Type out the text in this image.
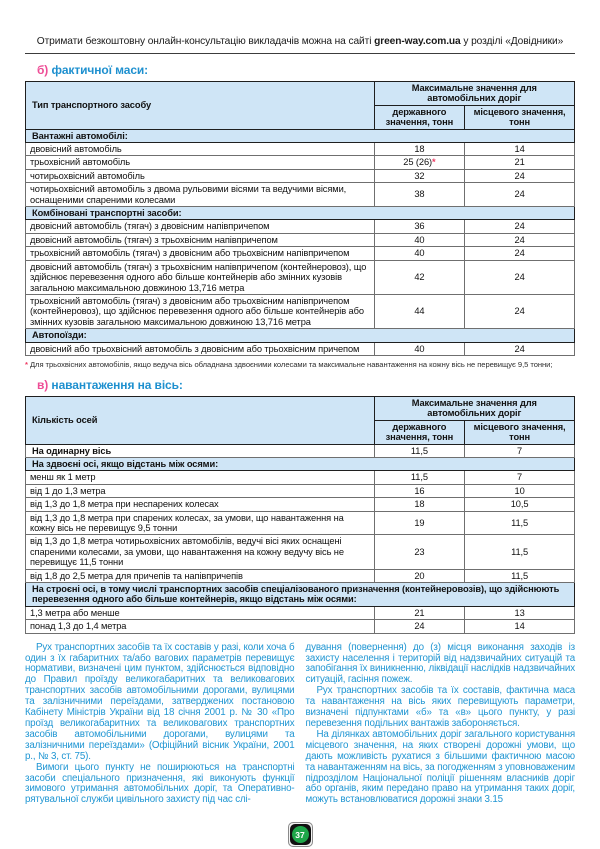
Отримати безкоштовну онлайн-консультацію викладачів можна на сайті green-way.com.ua у розділі «Довідники»
б) фактичної маси:
Тип транспортного засобу	Максимальне значення для автомобільних доріг	
	державного значення, тонн	місцевого значення, тонн
Вантажні автомобілі:		
двовісний автомобіль	18	14
трьохвісний автомобіль	25 (26)*	21
чотирьохвісний автомобіль	32	24
чотирьохвісний автомобіль з двома рульовими вісями та ведучими вісями, оснащеними спареними колесами	38	24
Комбіновані транспортні засоби:		
двовісний автомобіль (тягач) з двовісним напівпричепом	36	24
двовісний автомобіль (тягач) з трьохвісним напівпричепом	40	24
трьохвісний автомобіль (тягач) з двовісним або трьохвісним напівпричепом	40	24
двовісний автомобіль (тягач) з трьохвісним напівпричепом (контейнеровоз), що здійснює перевезення одного або більше контейнерів або змінних кузовів загальною максимальною довжиною 13,716 метра	42	24
трьохвісний автомобіль (тягач) з двовісним або трьохвісним напівпричепом (контейнеровоз), що здійснює перевезення одного або більше контейнерів або змінних кузовів загальною максимальною довжиною 13,716 метра	44	24
Автопоїзди:		
двовісний або трьохвісний автомобіль з двовісним або трьохвісним причепом	40	24
* Для трьохвісних автомобілів, якщо ведуча вісь обладнана здвоєними колесами та максимальне навантаження на кожну вісь не перевищує 9,5 тонни;
в) навантаження на вісь:
Кількість осей	Максимальне значення для автомобільних доріг	
	державного значення, тонн	місцевого значення, тонн
На одинарну вісь	11,5	7
На здвоєні осі, якщо відстань між осями:		
менш як 1 метр	11,5	7
від 1 до 1,3 метра	16	10
від 1,3 до 1,8 метра при неспарених колесах	18	10,5
від 1,3 до 1,8 метра при спарених колесах, за умови, що навантаження на кожну вісь не перевищує 9,5 тонни	19	11,5
від 1,3 до 1,8 метра чотирьохвісних автомобілів, ведучі вісі яких оснащені спареними колесами, за умови, що навантаження на кожну ведучу вісь не перевищує 11,5 тонни	23	11,5
від 1,8 до 2,5 метра для причепів та напівпричепів	20	11,5
На строєні осі, в тому числі транспортних засобів спеціалізованого призначення (контейнеровозів), що здійснюють перевезення одного або більше контейнерів, якщо відстань між осями:		
1,3 метра або менше	21	13
понад 1,3 до 1,4 метра	24	14

Рух транспортних засобів та їх составів у разі, коли хоча б один з їх габаритних та/або вагових параметрів перевищує нормативи, визначені цим пунктом, здійснюється відповідно до Правил проїзду великогабаритних та великовагових транспортних засобів автомобільними дорогами, вулицями та залізничними переїздами, затверджених постановою Кабінету Міністрів України від 18 січня 2001 р. № 30 «Про проїзд великогабаритних та великовагових транспортних засобів автомобільними дорогами, вулицями та залізничними переїздами» (Офіційний вісник України, 2001 р., № 3, ст. 75).

Вимоги цього пункту не поширюються на транспортні засоби спеціального призначення, які виконують функції зимового утримання автомобільних доріг, та Оперативно-рятувальної служби цивільного захисту під час слі-

дування (повернення) до (з) місця виконання заходів із захисту населення і територій від надзвичайних ситуацій та запобігання їх виникненню, ліквідації наслідків надзвичайних ситуацій, гасіння пожеж.

Рух транспортних засобів та їх составів, фактична маса та навантаження на вісь яких перевищують параметри, визначені підпунктами «б» та «в» цього пункту, у разі перевезення подільних вантажів забороняється.

На ділянках автомобільних доріг загального користування місцевого значення, на яких створені дорожні умови, що дають можливість рухатися з більшими фактичною масою та навантаженням на вісь, за погодженням з уповноваженим підрозділом Національної поліції рішенням власників доріг або органів, яким передано право на утримання таких доріг, можуть встановлюватися дорожні знаки 3.15

37
